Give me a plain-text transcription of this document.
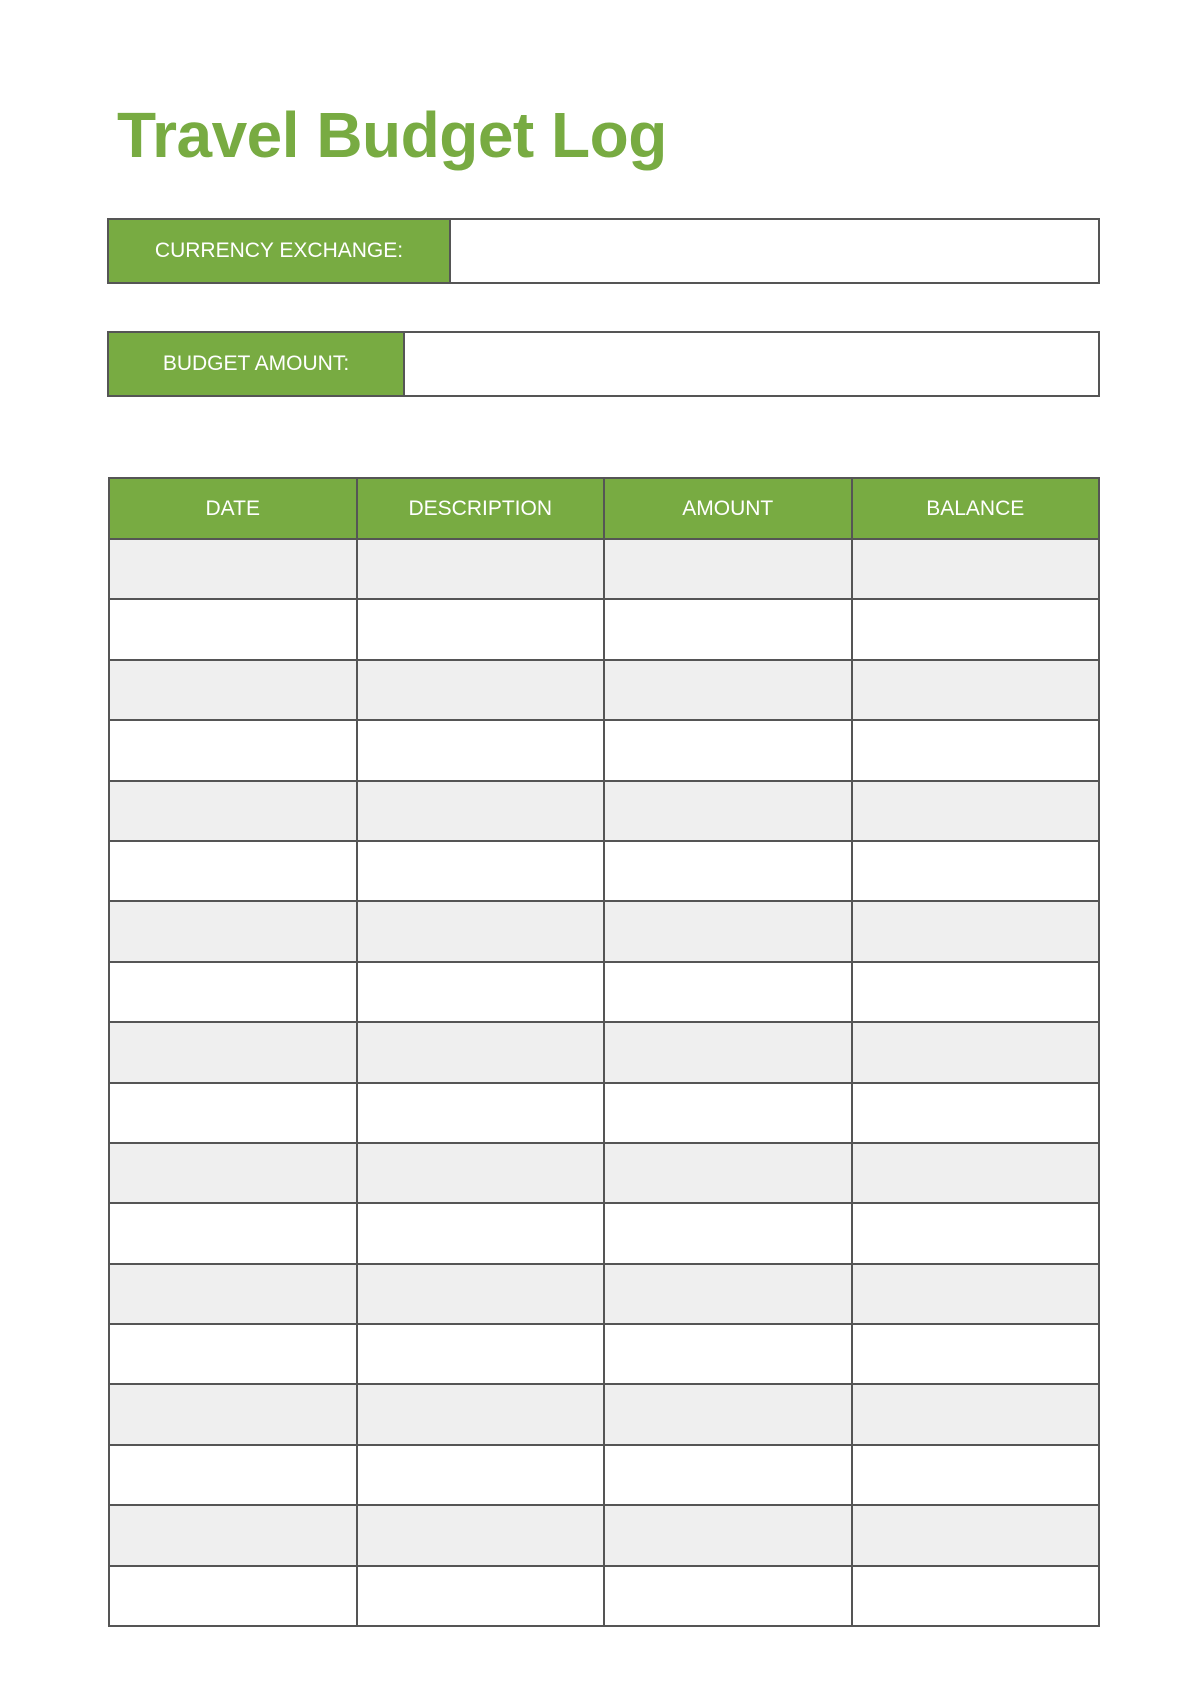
Travel Budget Log
CURRENCY EXCHANGE:
BUDGET AMOUNT:
DATE	DESCRIPTION	AMOUNT	BALANCE
